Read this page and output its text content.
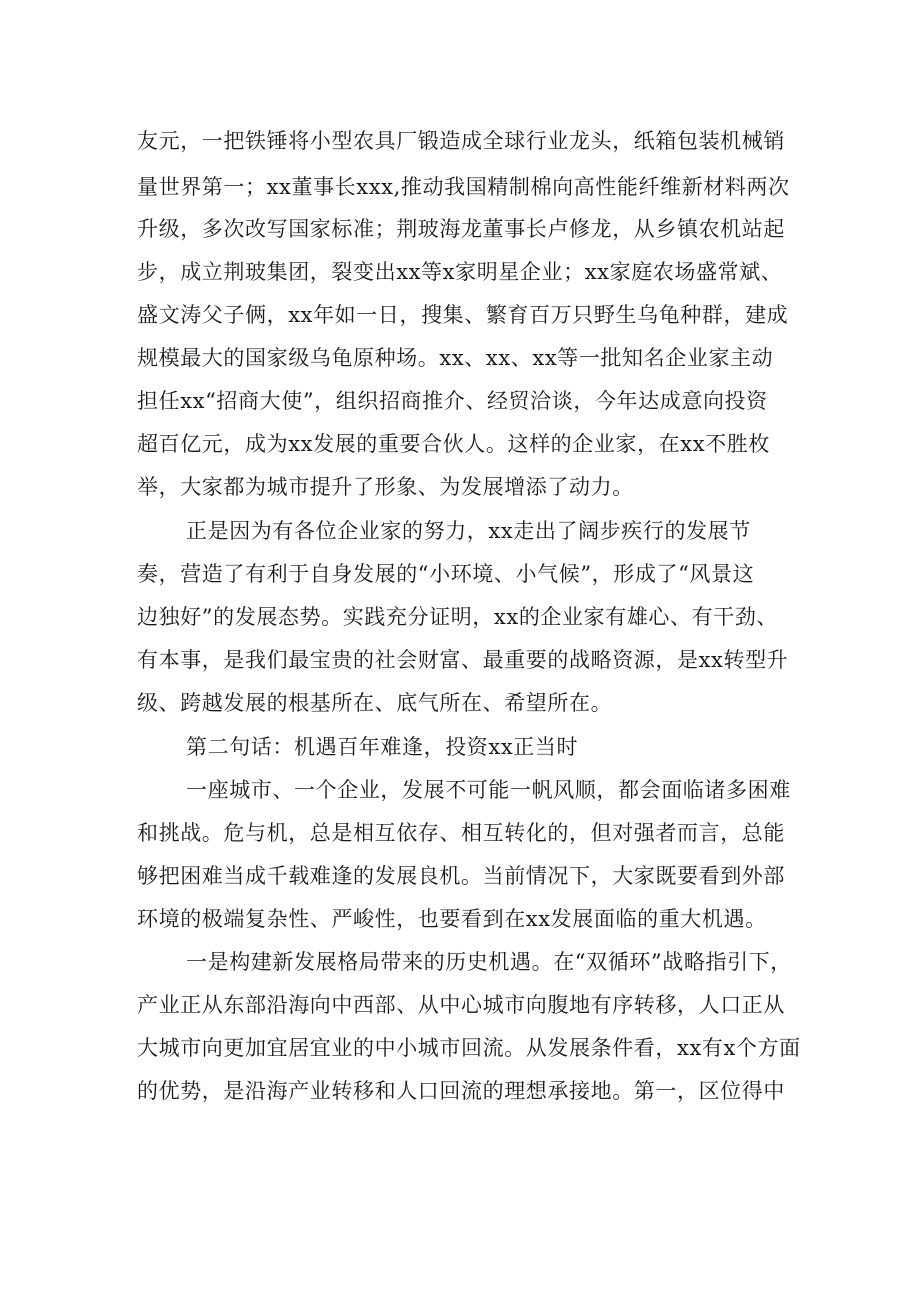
友元，一把铁锤将小型农具厂锻造成全球行业龙头，纸箱包装机械销

量世界第一；xx董事长xxx,推动我国精制棉向高性能纤维新材料两次

升级，多次改写国家标准；荆玻海龙董事长卢修龙，从乡镇农机站起

步，成立荆玻集团，裂变出xx等x家明星企业；xx家庭农场盛常斌、

盛文涛父子俩，xx年如一日，搜集、繁育百万只野生乌龟种群，建成

规模最大的国家级乌龟原种场。xx、xx、xx等一批知名企业家主动

担任xx“招商大使”，组织招商推介、经贸洽谈，今年达成意向投资

超百亿元，成为xx发展的重要合伙人。这样的企业家，在xx不胜枚

举，大家都为城市提升了形象、为发展增添了动力。

正是因为有各位企业家的努力，xx走出了阔步疾行的发展节

奏，营造了有利于自身发展的“小环境、小气候”，形成了“风景这

边独好”的发展态势。实践充分证明，xx的企业家有雄心、有干劲、

有本事，是我们最宝贵的社会财富、最重要的战略资源，是xx转型升

级、跨越发展的根基所在、底气所在、希望所在。

第二句话：机遇百年难逢，投资xx正当时

一座城市、一个企业，发展不可能一帆风顺，都会面临诸多困难

和挑战。危与机，总是相互依存、相互转化的，但对强者而言，总能

够把困难当成千载难逢的发展良机。当前情况下，大家既要看到外部

环境的极端复杂性、严峻性，也要看到在xx发展面临的重大机遇。

一是构建新发展格局带来的历史机遇。在“双循环”战略指引下，

产业正从东部沿海向中西部、从中心城市向腹地有序转移，人口正从

大城市向更加宜居宜业的中小城市回流。从发展条件看，xx有x个方面

的优势，是沿海产业转移和人口回流的理想承接地。第一，区位得中
